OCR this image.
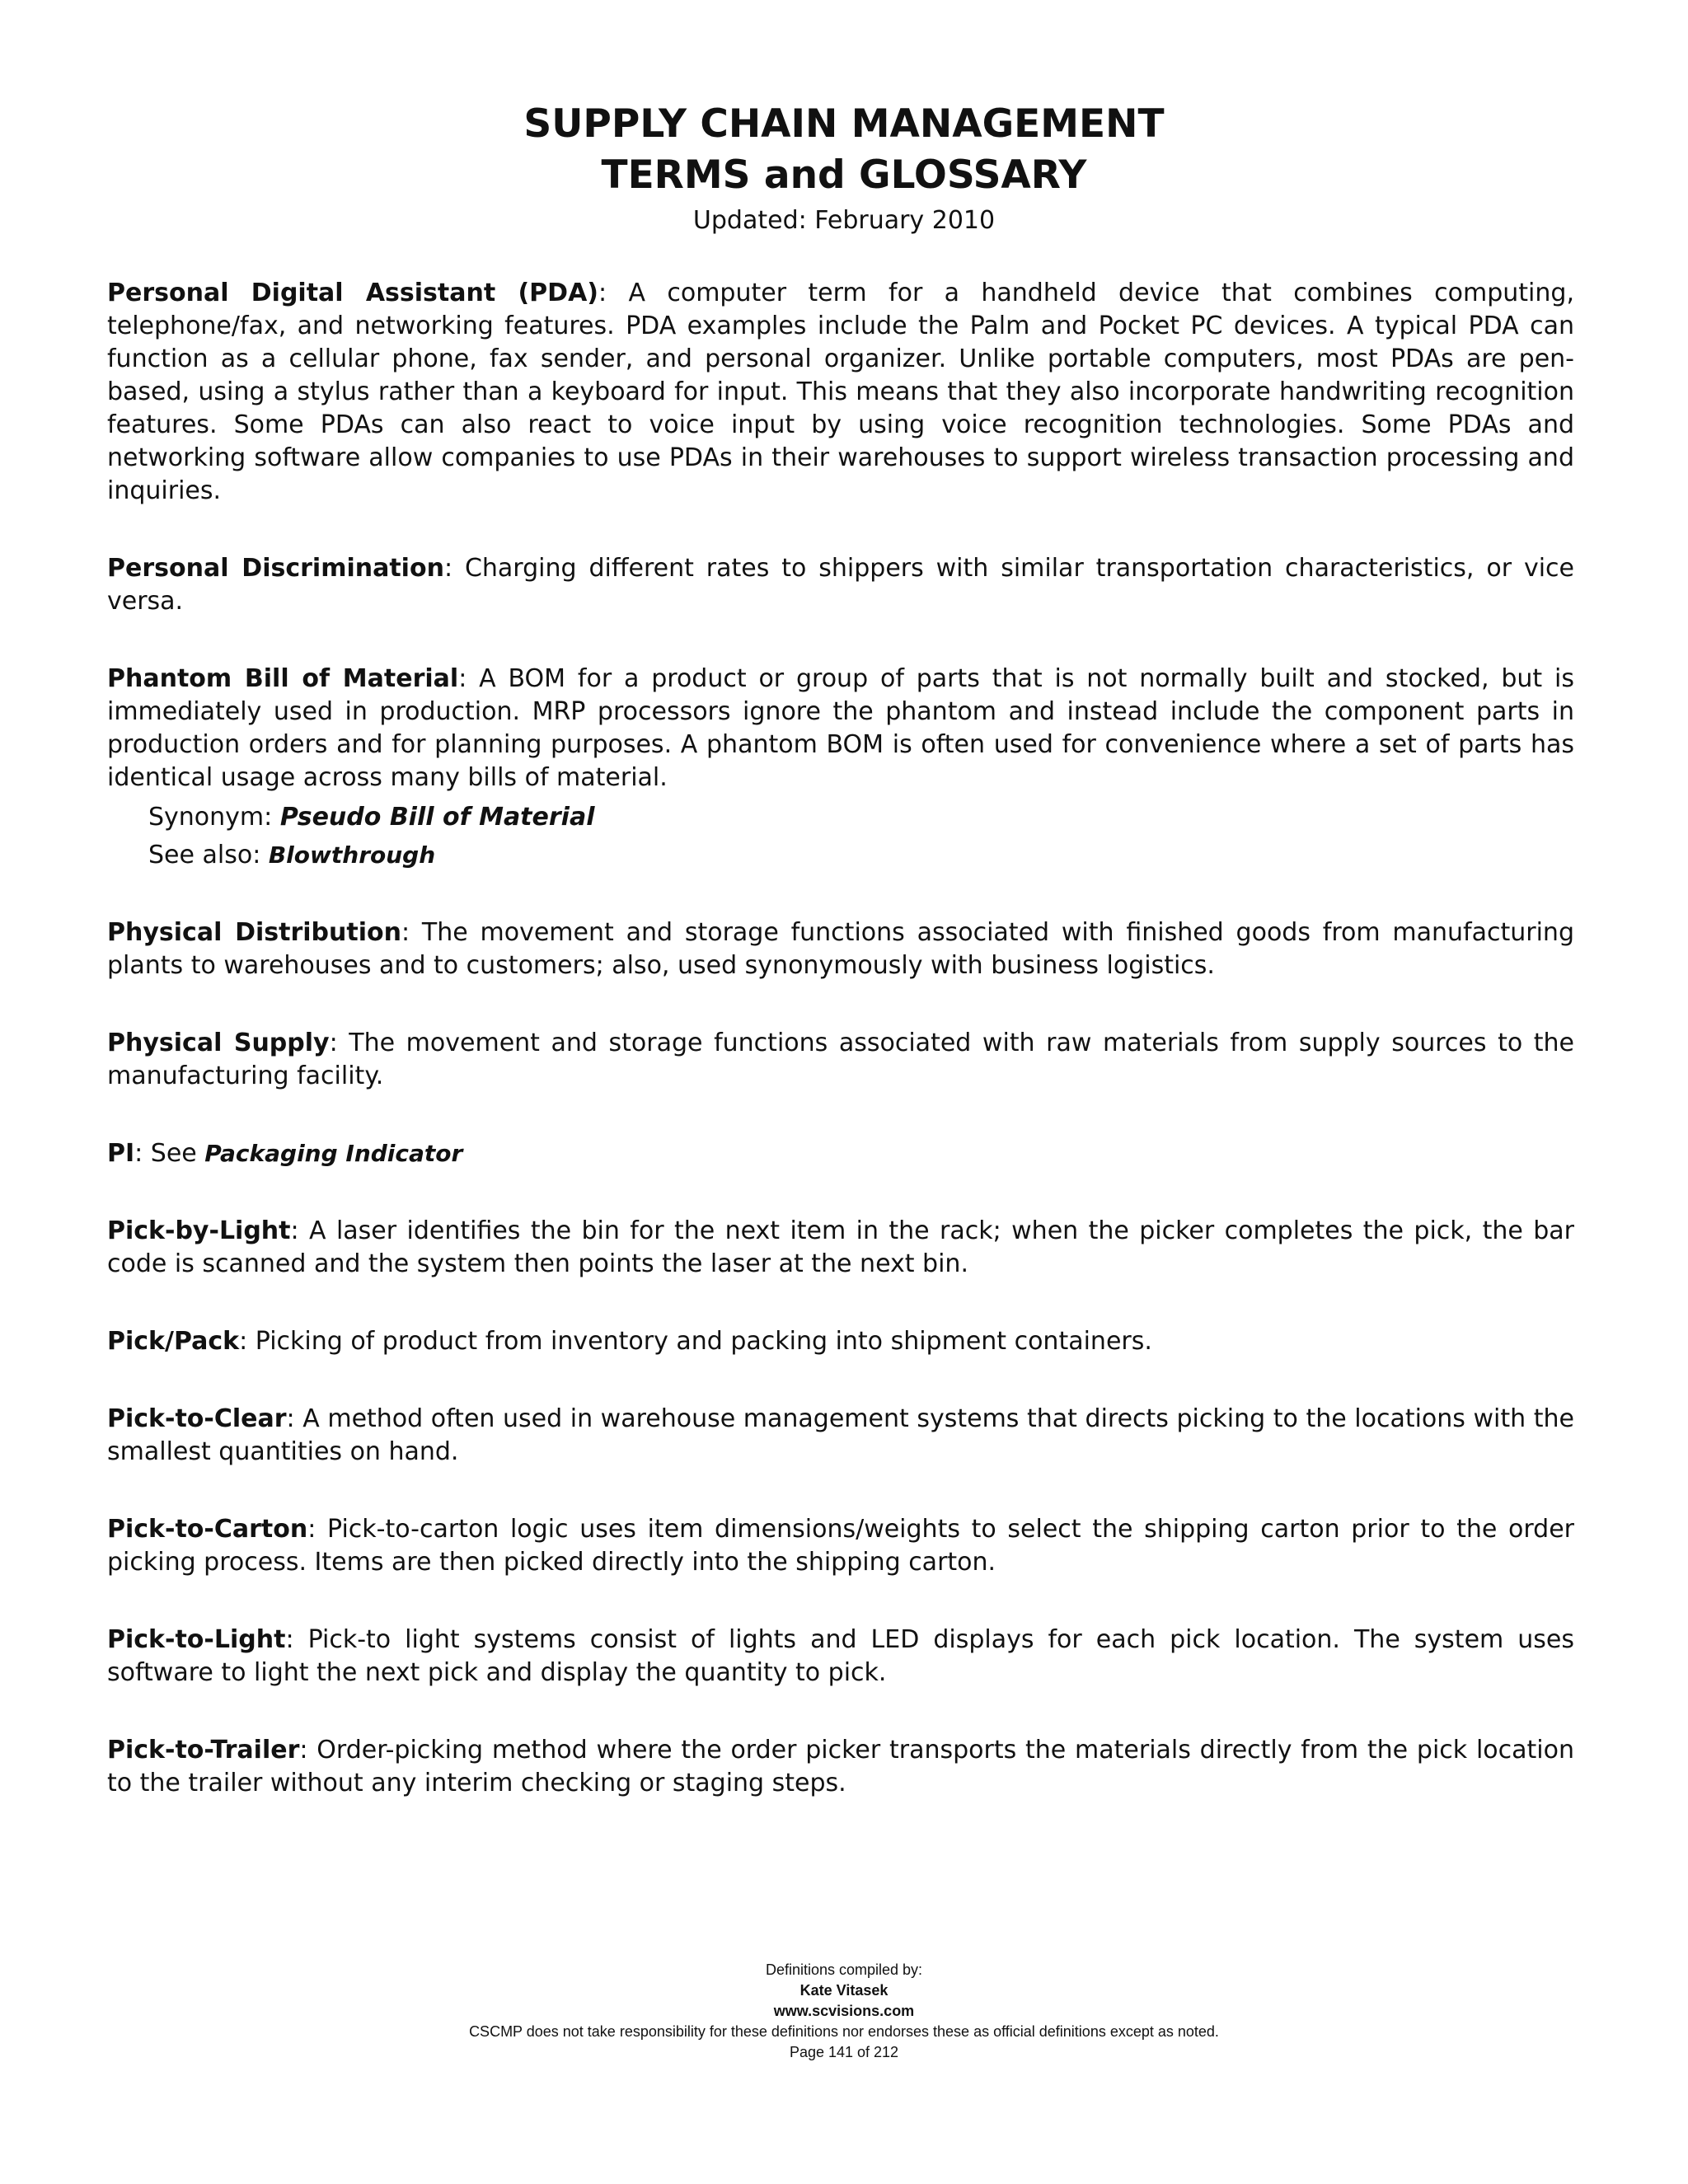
SUPPLY CHAIN MANAGEMENT
TERMS and GLOSSARY
Updated: February 2010
Personal Digital Assistant (PDA): A computer term for a handheld device that combines computing, telephone/fax, and networking features. PDA examples include the Palm and Pocket PC devices. A typical PDA can function as a cellular phone, fax sender, and personal organizer. Unlike portable computers, most PDAs are pen-based, using a stylus rather than a keyboard for input. This means that they also incorporate handwriting recognition features. Some PDAs can also react to voice input by using voice recognition technologies. Some PDAs and networking software allow companies to use PDAs in their warehouses to support wireless transaction processing and inquiries.
Personal Discrimination: Charging different rates to shippers with similar transportation characteristics, or vice versa.
Phantom Bill of Material: A BOM for a product or group of parts that is not normally built and stocked, but is immediately used in production. MRP processors ignore the phantom and instead include the component parts in production orders and for planning purposes. A phantom BOM is often used for convenience where a set of parts has identical usage across many bills of material.
Synonym: Pseudo Bill of Material
See also: Blowthrough
Physical Distribution: The movement and storage functions associated with finished goods from manufacturing plants to warehouses and to customers; also, used synonymously with business logistics.
Physical Supply: The movement and storage functions associated with raw materials from supply sources to the manufacturing facility.
PI: See Packaging Indicator
Pick-by-Light: A laser identifies the bin for the next item in the rack; when the picker completes the pick, the bar code is scanned and the system then points the laser at the next bin.
Pick/Pack: Picking of product from inventory and packing into shipment containers.
Pick-to-Clear: A method often used in warehouse management systems that directs picking to the locations with the smallest quantities on hand.
Pick-to-Carton: Pick-to-carton logic uses item dimensions/weights to select the shipping carton prior to the order picking process. Items are then picked directly into the shipping carton.
Pick-to-Light: Pick-to light systems consist of lights and LED displays for each pick location. The system uses software to light the next pick and display the quantity to pick.
Pick-to-Trailer: Order-picking method where the order picker transports the materials directly from the pick location to the trailer without any interim checking or staging steps.
Definitions compiled by:
Kate Vitasek
www.scvisions.com
CSCMP does not take responsibility for these definitions nor endorses these as official definitions except as noted.
Page 141 of 212
